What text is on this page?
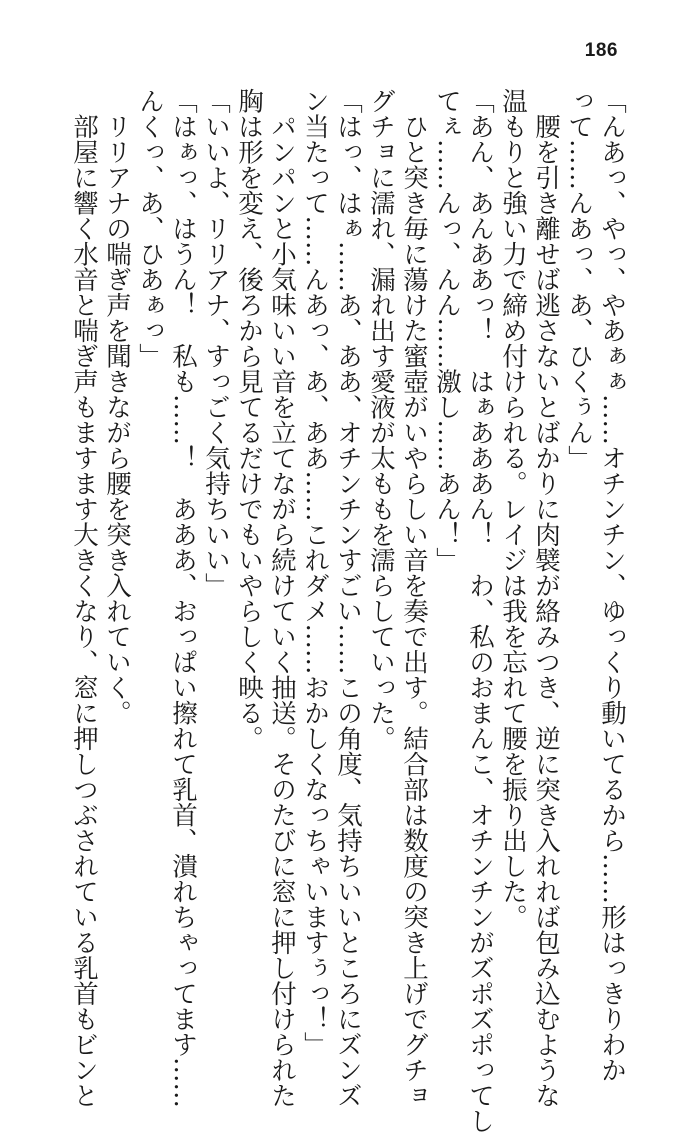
186
「んあっ、やっ、やあぁぁ……オチンチン、ゆっくり動いてるから……形はっきりわか
って……んあっ、あ、ひくぅん」
　腰を引き離せば逃さないとばかりに肉襞が絡みつき、逆に突き入れれば包み込むような
温もりと強い力で締め付けられる。レイジは我を忘れて腰を振り出した。
「あん、あんああっ！　はぁあああん！　わ、私のおまんこ、オチンチンがズポズポってし
てぇ……んっ、んん……激し……あん！」
　ひと突き毎に蕩けた蜜壺がいやらしい音を奏で出す。結合部は数度の突き上げでグチョ
グチョに濡れ、漏れ出す愛液が太ももを濡らしていった。
「はっ、はぁ……あ、ああ、オチンチンすごい……この角度、気持ちいいところにズンズ
ン当たって……んあっ、あ、ああ……これダメ……おかしくなっちゃいますぅっ！」
　パンパンと小気味いい音を立てながら続けていく抽送。そのたびに窓に押し付けられた
胸は形を変え、後ろから見てるだけでもいやらしく映る。
「いいよ、リリアナ、すっごく気持ちいい」
「はぁっ、はうん！　私も……！　あああ、おっぱい擦れて乳首、潰れちゃってます……
んくっ、あ、ひあぁっ」
　リリアナの喘ぎ声を聞きながら腰を突き入れていく。
　部屋に響く水音と喘ぎ声もますます大きくなり、窓に押しつぶされている乳首もビンと
